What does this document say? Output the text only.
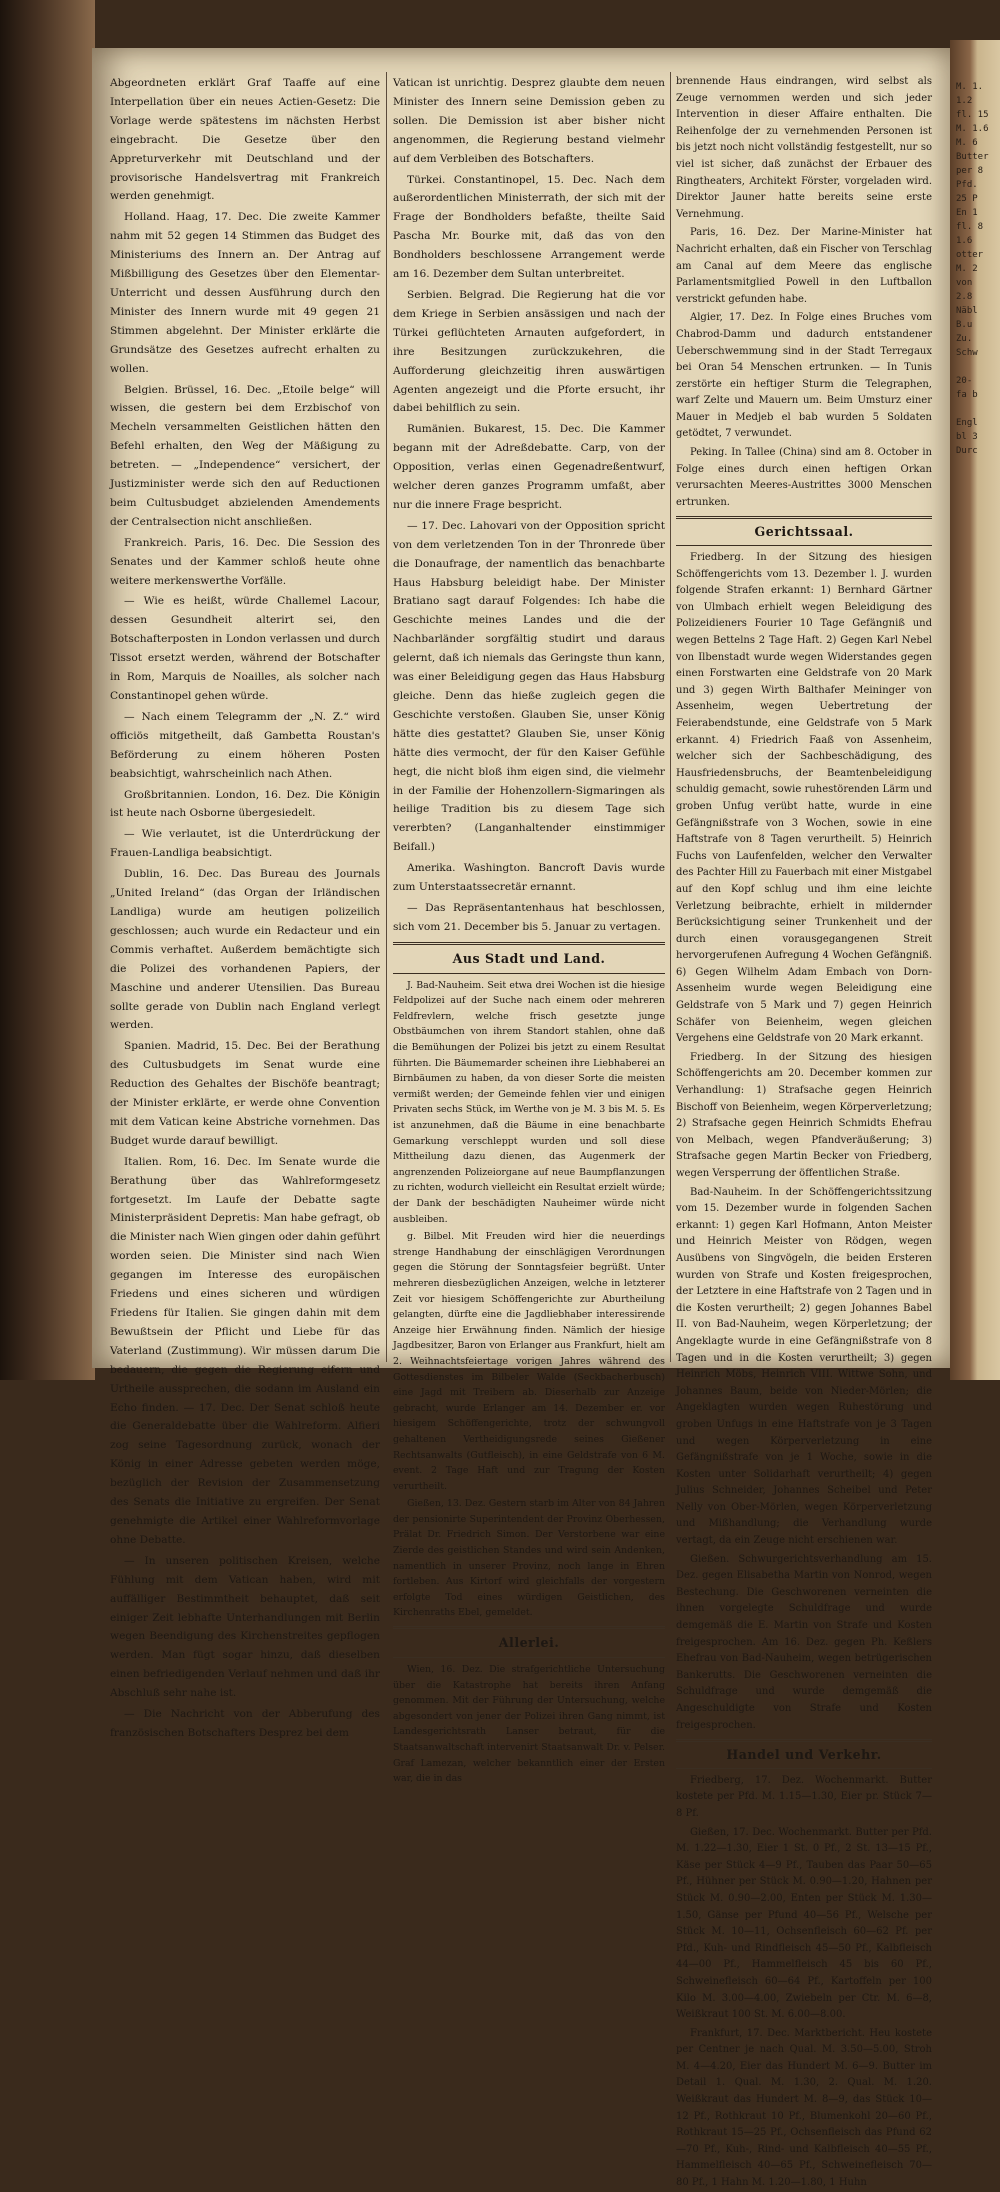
M. 1.
1.2
fl. 15
M. 1.6
M. 6
Butter
per 8
Pfd.
25 P
En 1
fl. 8
1.6
otter
M. 2
von
2.8
Näbl
B.u
Zu.
Schw

20-
fa b

Engl
bl 3
Durc

Abgeordneten erklärt Graf Taaffe auf eine Interpellation über ein neues Actien-Gesetz: Die Vorlage werde spätestens im nächsten Herbst eingebracht. Die Gesetze über den Appreturverkehr mit Deutschland und der provisorische Handelsvertrag mit Frankreich werden genehmigt.

Holland. Haag, 17. Dec. Die zweite Kammer nahm mit 52 gegen 14 Stimmen das Budget des Ministeriums des Innern an. Der Antrag auf Mißbilligung des Gesetzes über den Elementar-Unterricht und dessen Ausführung durch den Minister des Innern wurde mit 49 gegen 21 Stimmen abgelehnt. Der Minister erklärte die Grundsätze des Gesetzes aufrecht erhalten zu wollen.

Belgien. Brüssel, 16. Dec. „Etoile belge“ will wissen, die gestern bei dem Erzbischof von Mecheln versammelten Geistlichen hätten den Befehl erhalten, den Weg der Mäßigung zu betreten. — „Independence“ versichert, der Justizminister werde sich den auf Reductionen beim Cultusbudget abzielenden Amendements der Centralsection nicht anschließen.

Frankreich. Paris, 16. Dec. Die Session des Senates und der Kammer schloß heute ohne weitere merkenswerthe Vorfälle.

— Wie es heißt, würde Challemel Lacour, dessen Gesundheit alterirt sei, den Botschafterposten in London verlassen und durch Tissot ersetzt werden, während der Botschafter in Rom, Marquis de Noailles, als solcher nach Constantinopel gehen würde.

— Nach einem Telegramm der „N. Z.“ wird officiös mitgetheilt, daß Gambetta Roustan's Beförderung zu einem höheren Posten beabsichtigt, wahrscheinlich nach Athen.

Großbritannien. London, 16. Dez. Die Königin ist heute nach Osborne übergesiedelt.

— Wie verlautet, ist die Unterdrückung der Frauen-Landliga beabsichtigt.

Dublin, 16. Dec. Das Bureau des Journals „United Ireland“ (das Organ der Irländischen Landliga) wurde am heutigen polizeilich geschlossen; auch wurde ein Redacteur und ein Commis verhaftet. Außerdem bemächtigte sich die Polizei des vorhandenen Papiers, der Maschine und anderer Utensilien. Das Bureau sollte gerade von Dublin nach England verlegt werden.

Spanien. Madrid, 15. Dec. Bei der Berathung des Cultusbudgets im Senat wurde eine Reduction des Gehaltes der Bischöfe beantragt; der Minister erklärte, er werde ohne Convention mit dem Vatican keine Abstriche vornehmen. Das Budget wurde darauf bewilligt.

Italien. Rom, 16. Dec. Im Senate wurde die Berathung über das Wahlreformgesetz fortgesetzt. Im Laufe der Debatte sagte Ministerpräsident Depretis: Man habe gefragt, ob die Minister nach Wien gingen oder dahin geführt worden seien. Die Minister sind nach Wien gegangen im Interesse des europäischen Friedens und eines sicheren und würdigen Friedens für Italien. Sie gingen dahin mit dem Bewußtsein der Pflicht und Liebe für das Vaterland (Zustimmung). Wir müssen darum Die bedauern, die gegen die Regierung eifern und Urtheile aussprechen, die sodann im Ausland ein Echo finden. — 17. Dec. Der Senat schloß heute die Generaldebatte über die Wahlreform. Alfieri zog seine Tagesordnung zurück, wonach der König in einer Adresse gebeten werden möge, bezüglich der Revision der Zusammensetzung des Senats die Initiative zu ergreifen. Der Senat genehmigte die Artikel einer Wahlreformvorlage ohne Debatte.

— In unseren politischen Kreisen, welche Fühlung mit dem Vatican haben, wird mit auffälliger Bestimmtheit behauptet, daß seit einiger Zeit lebhafte Unterhandlungen mit Berlin wegen Beendigung des Kirchenstreites gepflogen werden. Man fügt sogar hinzu, daß dieselben einen befriedigenden Verlauf nehmen und daß ihr Abschluß sehr nahe ist.

— Die Nachricht von der Abberufung des französischen Botschafters Desprez bei dem

Vatican ist unrichtig. Desprez glaubte dem neuen Minister des Innern seine Demission geben zu sollen. Die Demission ist aber bisher nicht angenommen, die Regierung bestand vielmehr auf dem Verbleiben des Botschafters.

Türkei. Constantinopel, 15. Dec. Nach dem außerordentlichen Ministerrath, der sich mit der Frage der Bondholders befaßte, theilte Said Pascha Mr. Bourke mit, daß das von den Bondholders beschlossene Arrangement werde am 16. Dezember dem Sultan unterbreitet.

Serbien. Belgrad. Die Regierung hat die vor dem Kriege in Serbien ansässigen und nach der Türkei geflüchteten Arnauten aufgefordert, in ihre Besitzungen zurückzukehren, die Aufforderung gleichzeitig ihren auswärtigen Agenten angezeigt und die Pforte ersucht, ihr dabei behilflich zu sein.

Rumänien. Bukarest, 15. Dec. Die Kammer begann mit der Adreßdebatte. Carp, von der Opposition, verlas einen Gegenadreßentwurf, welcher deren ganzes Programm umfaßt, aber nur die innere Frage bespricht.

— 17. Dec. Lahovari von der Opposition spricht von dem verletzenden Ton in der Thronrede über die Donaufrage, der namentlich das benachbarte Haus Habsburg beleidigt habe. Der Minister Bratiano sagt darauf Folgendes: Ich habe die Geschichte meines Landes und die der Nachbarländer sorgfältig studirt und daraus gelernt, daß ich niemals das Geringste thun kann, was einer Beleidigung gegen das Haus Habsburg gleiche. Denn das hieße zugleich gegen die Geschichte verstoßen. Glauben Sie, unser König hätte dies gestattet? Glauben Sie, unser König hätte dies vermocht, der für den Kaiser Gefühle hegt, die nicht bloß ihm eigen sind, die vielmehr in der Familie der Hohenzollern-Sigmaringen als heilige Tradition bis zu diesem Tage sich vererbten? (Langanhaltender einstimmiger Beifall.)

Amerika. Washington. Bancroft Davis wurde zum Unterstaatssecretär ernannt.

— Das Repräsentantenhaus hat beschlossen, sich vom 21. December bis 5. Januar zu vertagen.

Aus Stadt und Land.

J. Bad-Nauheim. Seit etwa drei Wochen ist die hiesige Feldpolizei auf der Suche nach einem oder mehreren Feldfrevlern, welche frisch gesetzte junge Obstbäumchen von ihrem Standort stahlen, ohne daß die Bemühungen der Polizei bis jetzt zu einem Resultat führten. Die Bäumemarder scheinen ihre Liebhaberei an Birnbäumen zu haben, da von dieser Sorte die meisten vermißt werden; der Gemeinde fehlen vier und einigen Privaten sechs Stück, im Werthe von je M. 3 bis M. 5. Es ist anzunehmen, daß die Bäume in eine benachbarte Gemarkung verschleppt wurden und soll diese Mittheilung dazu dienen, das Augenmerk der angrenzenden Polizeiorgane auf neue Baumpflanzungen zu richten, wodurch vielleicht ein Resultat erzielt würde; der Dank der beschädigten Nauheimer würde nicht ausbleiben.

g. Bilbel. Mit Freuden wird hier die neuerdings strenge Handhabung der einschlägigen Verordnungen gegen die Störung der Sonntagsfeier begrüßt. Unter mehreren diesbezüglichen Anzeigen, welche in letzterer Zeit vor hiesigem Schöffengerichte zur Aburtheilung gelangten, dürfte eine die Jagdliebhaber interessirende Anzeige hier Erwähnung finden. Nämlich der hiesige Jagdbesitzer, Baron von Erlanger aus Frankfurt, hielt am 2. Weihnachtsfeiertage vorigen Jahres während des Gottesdienstes im Bilbeler Walde (Seckbacherbusch) eine Jagd mit Treibern ab. Dieserhalb zur Anzeige gebracht, wurde Erlanger am 14. Dezember er. vor hiesigem Schöffengerichte, trotz der schwungvoll gehaltenen Vertheidigungsrede seines Gießener Rechtsanwalts (Gutfleisch), in eine Geldstrafe von 6 M. event. 2 Tage Haft und zur Tragung der Kosten verurtheilt.

Gießen, 13. Dez. Gestern starb im Alter von 84 Jahren der pensionirte Superintendent der Provinz Oberhessen, Prälat Dr. Friedrich Simon. Der Verstorbene war eine Zierde des geistlichen Standes und wird sein Andenken, namentlich in unserer Provinz, noch lange in Ehren fortleben. Aus Kirtorf wird gleichfalls der vorgestern erfolgte Tod eines würdigen Geistlichen, des Kirchenraths Ebel, gemeldet.

Allerlei.

Wien, 16. Dez. Die strafgerichtliche Untersuchung über die Katastrophe hat bereits ihren Anfang genommen. Mit der Führung der Untersuchung, welche abgesondert von jener der Polizei ihren Gang nimmt, ist Landesgerichtsrath Lanser betraut, für die Staatsanwaltschaft intervenirt Staatsanwalt Dr. v. Pelser. Graf Lamezan, welcher bekanntlich einer der Ersten war, die in das

brennende Haus eindrangen, wird selbst als Zeuge vernommen werden und sich jeder Intervention in dieser Affaire enthalten. Die Reihenfolge der zu vernehmenden Personen ist bis jetzt noch nicht vollständig festgestellt, nur so viel ist sicher, daß zunächst der Erbauer des Ringtheaters, Architekt Förster, vorgeladen wird. Direktor Jauner hatte bereits seine erste Vernehmung.

Paris, 16. Dez. Der Marine-Minister hat Nachricht erhalten, daß ein Fischer von Terschlag am Canal auf dem Meere das englische Parlamentsmitglied Powell in den Luftballon verstrickt gefunden habe.

Algier, 17. Dez. In Folge eines Bruches vom Chabrod-Damm und dadurch entstandener Ueberschwemmung sind in der Stadt Terregaux bei Oran 54 Menschen ertrunken. — In Tunis zerstörte ein heftiger Sturm die Telegraphen, warf Zelte und Mauern um. Beim Umsturz einer Mauer in Medjeb el bab wurden 5 Soldaten getödtet, 7 verwundet.

Peking. In Tallee (China) sind am 8. October in Folge eines durch einen heftigen Orkan verursachten Meeres-Austrittes 3000 Menschen ertrunken.

Gerichtssaal.

Friedberg. In der Sitzung des hiesigen Schöffengerichts vom 13. Dezember l. J. wurden folgende Strafen erkannt: 1) Bernhard Gärtner von Ulmbach erhielt wegen Beleidigung des Polizeidieners Fourier 10 Tage Gefängniß und wegen Bettelns 2 Tage Haft. 2) Gegen Karl Nebel von Ilbenstadt wurde wegen Widerstandes gegen einen Forstwarten eine Geldstrafe von 20 Mark und 3) gegen Wirth Balthafer Meininger von Assenheim, wegen Uebertretung der Feierabendstunde, eine Geldstrafe von 5 Mark erkannt. 4) Friedrich Faaß von Assenheim, welcher sich der Sachbeschädigung, des Hausfriedensbruchs, der Beamtenbeleidigung schuldig gemacht, sowie ruhestörenden Lärm und groben Unfug verübt hatte, wurde in eine Gefängnißstrafe von 3 Wochen, sowie in eine Haftstrafe von 8 Tagen verurtheilt. 5) Heinrich Fuchs von Laufenfelden, welcher den Verwalter des Pachter Hill zu Fauerbach mit einer Mistgabel auf den Kopf schlug und ihm eine leichte Verletzung beibrachte, erhielt in mildernder Berücksichtigung seiner Trunkenheit und der durch einen vorausgegangenen Streit hervorgerufenen Aufregung 4 Wochen Gefängniß. 6) Gegen Wilhelm Adam Embach von Dorn-Assenheim wurde wegen Beleidigung eine Geldstrafe von 5 Mark und 7) gegen Heinrich Schäfer von Beienheim, wegen gleichen Vergehens eine Geldstrafe von 20 Mark erkannt.

Friedberg. In der Sitzung des hiesigen Schöffengerichts am 20. December kommen zur Verhandlung: 1) Strafsache gegen Heinrich Bischoff von Beienheim, wegen Körperverletzung; 2) Strafsache gegen Heinrich Schmidts Ehefrau von Melbach, wegen Pfandveräußerung; 3) Strafsache gegen Martin Becker von Friedberg, wegen Versperrung der öffentlichen Straße.

Bad-Nauheim. In der Schöffengerichtssitzung vom 15. Dezember wurde in folgenden Sachen erkannt: 1) gegen Karl Hofmann, Anton Meister und Heinrich Meister von Rödgen, wegen Ausübens von Singvögeln, die beiden Ersteren wurden von Strafe und Kosten freigesprochen, der Letztere in eine Haftstrafe von 2 Tagen und in die Kosten verurtheilt; 2) gegen Johannes Babel II. von Bad-Nauheim, wegen Körperletzung; der Angeklagte wurde in eine Gefängnißstrafe von 8 Tagen und in die Kosten verurtheilt; 3) gegen Heinrich Möbs, Heinrich VIII. Wittwe Sohn, und Johannes Baum, beide von Nieder-Mörlen; die Angeklagten wurden wegen Ruhestörung und groben Unfugs in eine Haftstrafe von je 3 Tagen und wegen Körperverletzung in eine Gefängnißstrafe von je 1 Woche, sowie in die Kosten unter Solidarhaft verurtheilt; 4) gegen Julius Schneider, Johannes Scheibel und Peter Nelly von Ober-Mörlen, wegen Körperverletzung und Mißhandlung; die Verhandlung wurde vertagt, da ein Zeuge nicht erschienen war.

Gießen. Schwurgerichtsverhandlung am 15. Dez. gegen Elisabetha Martin von Nonrod, wegen Bestechung. Die Geschworenen verneinten die ihnen vorgelegte Schuldfrage und wurde demgemäß die E. Martin von Strafe und Kosten freigesprochen. Am 16. Dez. gegen Ph. Keßlers Ehefrau von Bad-Nauheim, wegen betrügerischen Bankerutts. Die Geschworenen verneinten die Schuldfrage und wurde demgemäß die Angeschuldigte von Strafe und Kosten freigesprochen.

Handel und Verkehr.

Friedberg, 17. Dez. Wochenmarkt. Butter kostete per Pfd. M. 1.15—1.30, Eier pr. Stück 7—8 Pf.

Gießen, 17. Dec. Wochenmarkt. Butter per Pfd. M. 1.22—1.30, Eier 1 St. 0 Pf., 2 St. 13—15 Pf., Käse per Stück 4—9 Pf., Tauben das Paar 50—65 Pf., Hühner per Stück M. 0.90—1.20, Hahnen per Stück M. 0.90—2.00, Enten per Stück M. 1.30—1.50, Gänse per Pfund 40—56 Pf., Welsche per Stück M. 10—11, Ochsenfleisch 60—62 Pf. per Pfd., Kuh- und Rindfleisch 45—50 Pf., Kalbfleisch 44—00 Pf., Hammelfleisch 45 bis 60 Pf., Schweinefleisch 60—64 Pf., Kartoffeln per 100 Kilo M. 3.00—4.00, Zwiebeln per Ctr. M. 6—8, Weißkraut 100 St. M. 6.00—8.00.

Frankfurt, 17. Dec. Marktbericht. Heu kostete per Centner je nach Qual. M. 3.50—5.00, Stroh M. 4—4.20, Eier das Hundert M. 6—9. Butter im Detail 1. Qual. M. 1.30, 2. Qual. M. 1.20. Weißkraut das Hundert M. 8—9, das Stück 10—12 Pf., Rothkraut 10 Pf., Blumenkohl 20—60 Pf., Rothkraut 15—25 Pf., Ochsenfleisch das Pfund 62—70 Pf., Kuh-, Rind- und Kalbfleisch 40—55 Pf., Hammelfleisch 40—65 Pf., Schweinefleisch 70—80 Pf., 1 Hahn M. 1.20—1.80, 1 Huhn
